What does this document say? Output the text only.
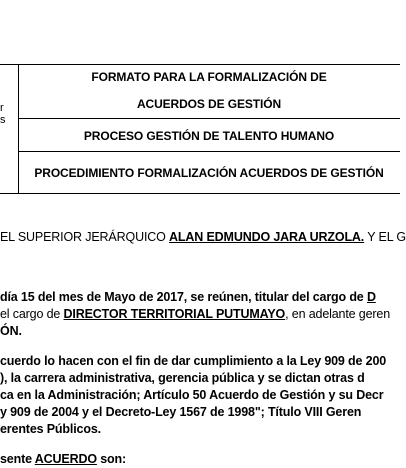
r
s
FORMATO PARA LA FORMALIZACIÓN DE
ACUERDOS DE GESTIÓN
PROCESO GESTIÓN DE TALENTO HUMANO
PROCEDIMIENTO FORMALIZACIÓN ACUERDOS DE GESTIÓN
EL SUPERIOR JERÁRQUICO ALAN EDMUNDO JARA URZOLA. Y EL G
día 15 del mes de Mayo de 2017, se reúnen, titular del cargo de D
el cargo de DIRECTOR TERRITORIAL PUTUMAYO, en adelante geren
ÓN.
cuerdo lo hacen con el fin de dar cumplimiento a la Ley 909 de 200
), la carrera administrativa, gerencia pública y se dictan otras d
ca en la Administración; Artículo 50 Acuerdo de Gestión y su Decr
y 909 de 2004 y el Decreto-Ley 1567 de 1998"; Título VIII Geren
erentes Públicos.
sente ACUERDO son:
